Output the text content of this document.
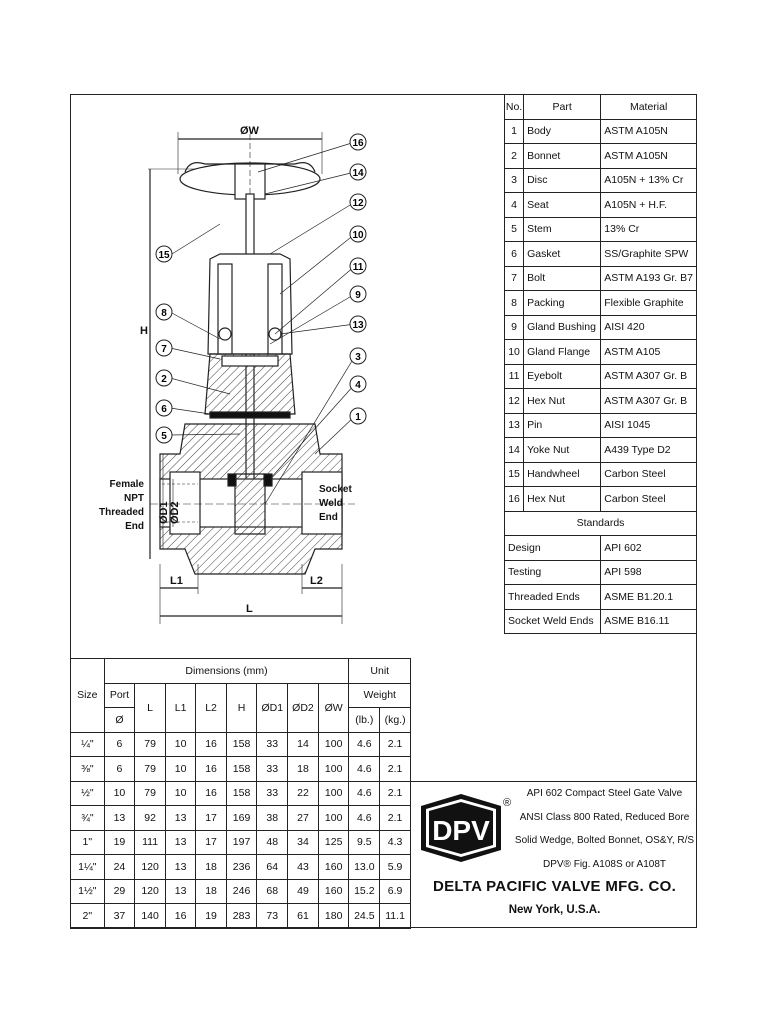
ØW
H
L
L1	L2
ØD1 ØD2
Female
NPT
Threaded
End
Socket
Weld
End
16
14
12
10
11
9
13
3
4
1
15
8
7
2
6
5
No.	Part	Material
1	Body	ASTM A105N
2	Bonnet	ASTM A105N
3	Disc	A105N + 13% Cr
4	Seat	A105N + H.F.
5	Stem	13% Cr
6	Gasket	SS/Graphite SPW
7	Bolt	ASTM A193 Gr. B7
8	Packing	Flexible Graphite
9	Gland Bushing	AISI 420
10	Gland Flange	ASTM A105
11	Eyebolt	ASTM A307 Gr. B
12	Hex Nut	ASTM A307 Gr. B
13	Pin	AISI 1045
14	Yoke Nut	A439 Type D2
15	Handwheel	Carbon Steel
16	Hex Nut	Carbon Steel
Standards		
Design		API 602
Testing		API 598
Threaded Ends		ASME B1.20.1
Socket Weld Ends		ASME B16.11
Size	Dimensions (mm)								Unit	
	Port	L	L1	L2	H	ØD1	ØD2	ØW	Weight	
	Ø								(lb.)	(kg.)
¼"	6	79	10	16	158	33	14	100	4.6	2.1
⅜"	6	79	10	16	158	33	18	100	4.6	2.1
½"	10	79	10	16	158	33	22	100	4.6	2.1
¾"	13	92	13	17	169	38	27	100	4.6	2.1
1"	19	111	13	17	197	48	34	125	9.5	4.3
1¼"	24	120	13	18	236	64	43	160	13.0	5.9
1½"	29	120	13	18	246	68	49	160	15.2	6.9
2"	37	140	16	19	283	73	61	180	24.5	11.1
DPV
®
API 602 Compact Steel Gate Valve
ANSI Class 800 Rated, Reduced Bore
Solid Wedge, Bolted Bonnet, OS&Y, R/S
DPV® Fig. A108S or A108T
DELTA PACIFIC VALVE MFG. CO.
New York, U.S.A.
